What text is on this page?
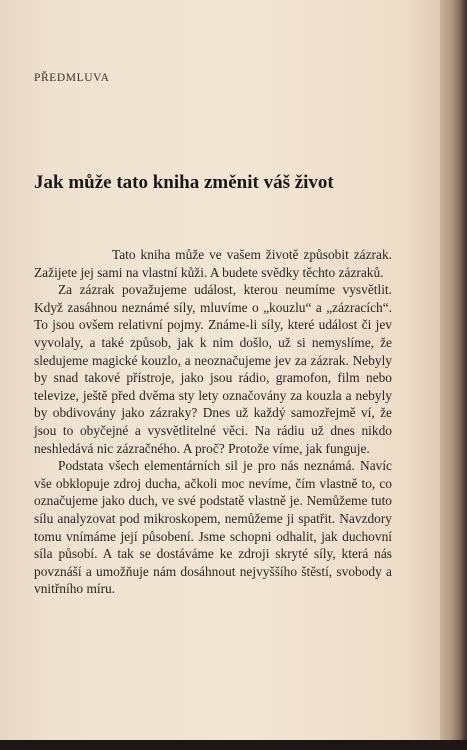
PŘEDMLUVA
Jak může tato kniha změnit váš život

Tato kniha může ve vašem životě způsobit zázrak. Zažijete jej sami na vlastní kůži. A budete svědky těchto zázraků.

Za zázrak považujeme událost, kterou neumíme vysvětlit. Když zasáhnou neznámé síly, mluvíme o „kouzlu“ a „zázracích“. To jsou ovšem relativní pojmy. Známe-li síly, které událost či jev vyvolaly, a také způsob, jak k nim došlo, už si nemyslíme, že sledujeme magické kouzlo, a neoznačujeme jev za zázrak. Nebyly by snad takové přístroje, jako jsou rádio, gramofon, film nebo televize, ještě před dvěma sty lety označovány za kouzla a nebyly by obdivovány jako zázraky? Dnes už každý samozřejmě ví, že jsou to obyčejné a vysvětlitelné věci. Na rádiu už dnes nikdo neshledává nic zázračného. A proč? Protože víme, jak funguje.

Podstata všech elementárních sil je pro nás neznámá. Navíc vše obklopuje zdroj ducha, ačkoli moc nevíme, čím vlastně to, co označujeme jako duch, ve své podstatě vlastně je. Nemůžeme tuto sílu analyzovat pod mikroskopem, nemůžeme ji spatřit. Navzdory tomu vnímáme její působení. Jsme schopni odhalit, jak duchovní síla působí. A tak se dostáváme ke zdroji skryté síly, která nás povznáší a umožňuje nám dosáhnout nejvyššího štěstí, svobody a vnitřního míru.
